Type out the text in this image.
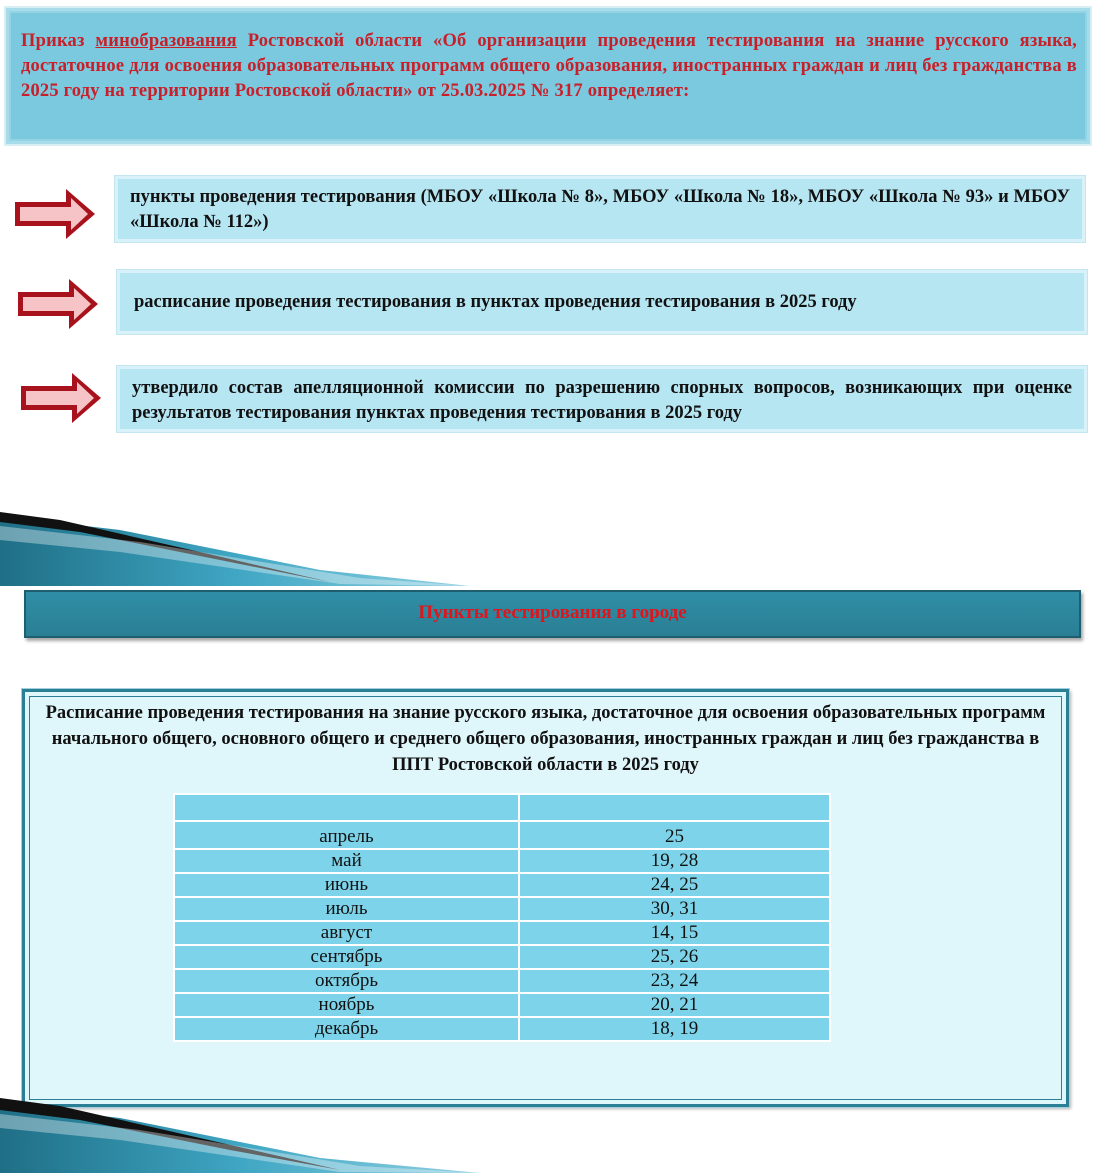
Приказ минобразования Ростовской области «Об организации проведения тестирования на знание русского языка, достаточное для освоения образовательных программ общего образования, иностранных граждан и лиц без гражданства в 2025 году на территории Ростовской области» от 25.03.2025 № 317 определяет:

пункты проведения тестирования (МБОУ «Школа № 8», МБОУ «Школа № 18», МБОУ «Школа № 93» и МБОУ «Школа № 112»)
расписание проведения тестирования в пунктах проведения тестирования в 2025 году
утвердило состав апелляционной комиссии по разрешению спорных вопросов, возникающих при оценке результатов тестирования пунктах проведения тестирования в 2025 году
Пункты тестирования в городе

Расписание проведения тестирования на знание русского языка, достаточное для освоения образовательных программ начального общего, основного общего и среднего общего образования, иностранных граждан и лиц без гражданства в ППТ Ростовской области в 2025 году

апрель	25
май	19, 28
июнь	24, 25
июль	30, 31
август	14, 15
сентябрь	25, 26
октябрь	23, 24
ноябрь	20, 21
декабрь	18, 19
